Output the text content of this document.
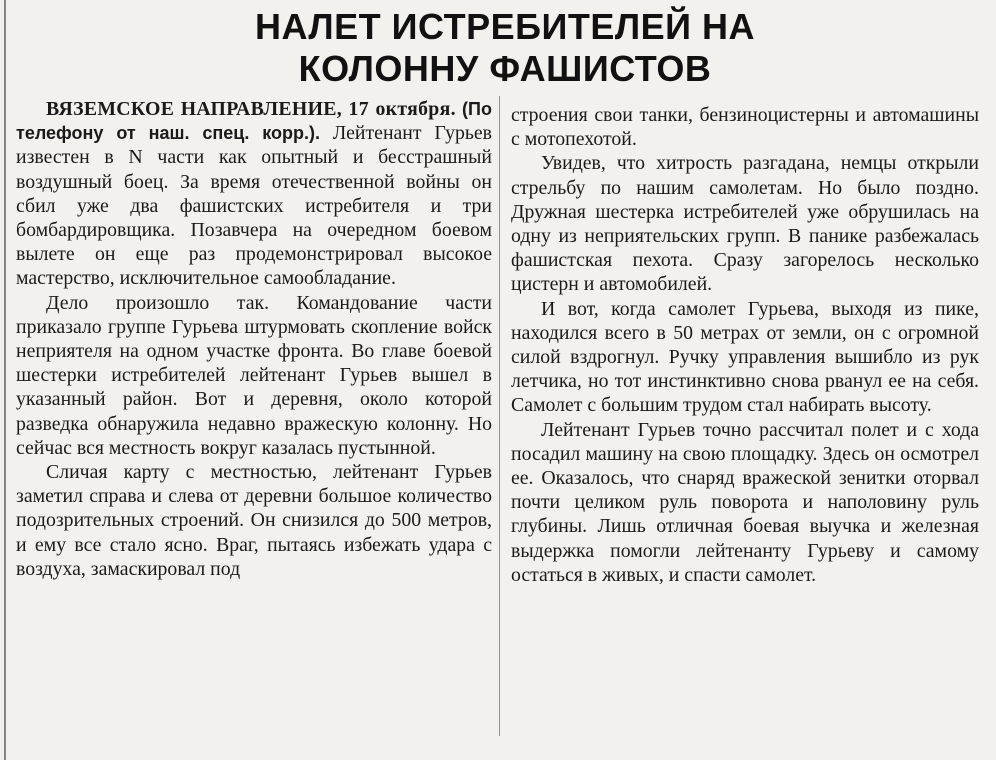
НАЛЕТ ИСТРЕБИТЕЛЕЙ НА
КОЛОННУ ФАШИСТОВ

ВЯЗЕМСКОЕ НАПРАВЛЕНИЕ, 17 октября. (По телефону от наш. спец. корр.). Лейтенант Гурьев известен в N части как опытный и бесстрашный воздушный боец. За время отечественной войны он сбил уже два фашистских истребителя и три бомбардировщика. Позавчера на очередном боевом вылете он еще раз продемонстрировал высокое мастерство, исключительное самообладание.

Дело произошло так. Командование части приказало группе Гурьева штурмовать скопление войск неприятеля на одном участке фронта. Во главе боевой шестерки истребителей лейтенант Гурьев вышел в указанный район. Вот и деревня, около которой разведка обнаружила недавно вражескую колонну. Но сейчас вся местность вокруг казалась пустынной.

Сличая карту с местностью, лейтенант Гурьев заметил справа и слева от деревни большое количество подозрительных строений. Он снизился до 500 метров, и ему все стало ясно. Враг, пытаясь избежать удара с воздуха, замаскировал под

строения свои танки, бензиноцистерны и автомашины с мотопехотой.

Увидев, что хитрость разгадана, немцы открыли стрельбу по нашим самолетам. Но было поздно. Дружная шестерка истребителей уже обрушилась на одну из неприятельских групп. В панике разбежалась фашистская пехота. Сразу загорелось несколько цистерн и автомобилей.

И вот, когда самолет Гурьева, выходя из пике, находился всего в 50 метрах от земли, он с огромной силой вздрогнул. Ручку управления вышибло из рук летчика, но тот инстинктивно снова рванул ее на себя. Самолет с большим трудом стал набирать высоту.

Лейтенант Гурьев точно рассчитал полет и с хода посадил машину на свою площадку. Здесь он осмотрел ее. Оказалось, что снаряд вражеской зенитки оторвал почти целиком руль поворота и наполовину руль глубины. Лишь отличная боевая выучка и железная выдержка помогли лейтенанту Гурьеву и самому остаться в живых, и спасти самолет.
